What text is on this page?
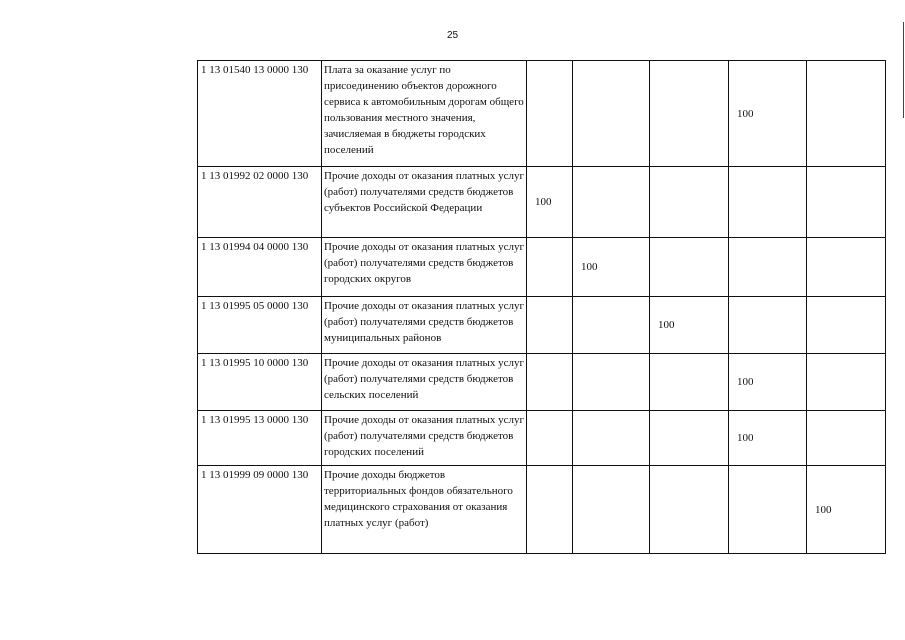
25
1 13 01540 13 0000 130	Плата за оказание услуг по присоединению объектов дорожного сервиса к автомобильным дорогам общего пользования местного значения, зачисляемая в бюджеты городских поселений				100	
1 13 01992 02 0000 130	Прочие доходы от оказания платных услуг (работ) получателями средств бюджетов субъектов Российской Федерации	100				
1 13 01994 04 0000 130	Прочие доходы от оказания платных услуг (работ) получателями средств бюджетов городских округов		100			
1 13 01995 05 0000 130	Прочие доходы от оказания платных услуг (работ) получателями средств бюджетов муниципальных районов			100		
1 13 01995 10 0000 130	Прочие доходы от оказания платных услуг (работ) получателями средств бюджетов сельских поселений				100	
1 13 01995 13 0000 130	Прочие доходы от оказания платных услуг (работ) получателями средств бюджетов городских поселений				100	
1 13 01999 09 0000 130	Прочие доходы бюджетов территориальных фондов обязательного медицинского страхования от оказания платных услуг (работ)					100
